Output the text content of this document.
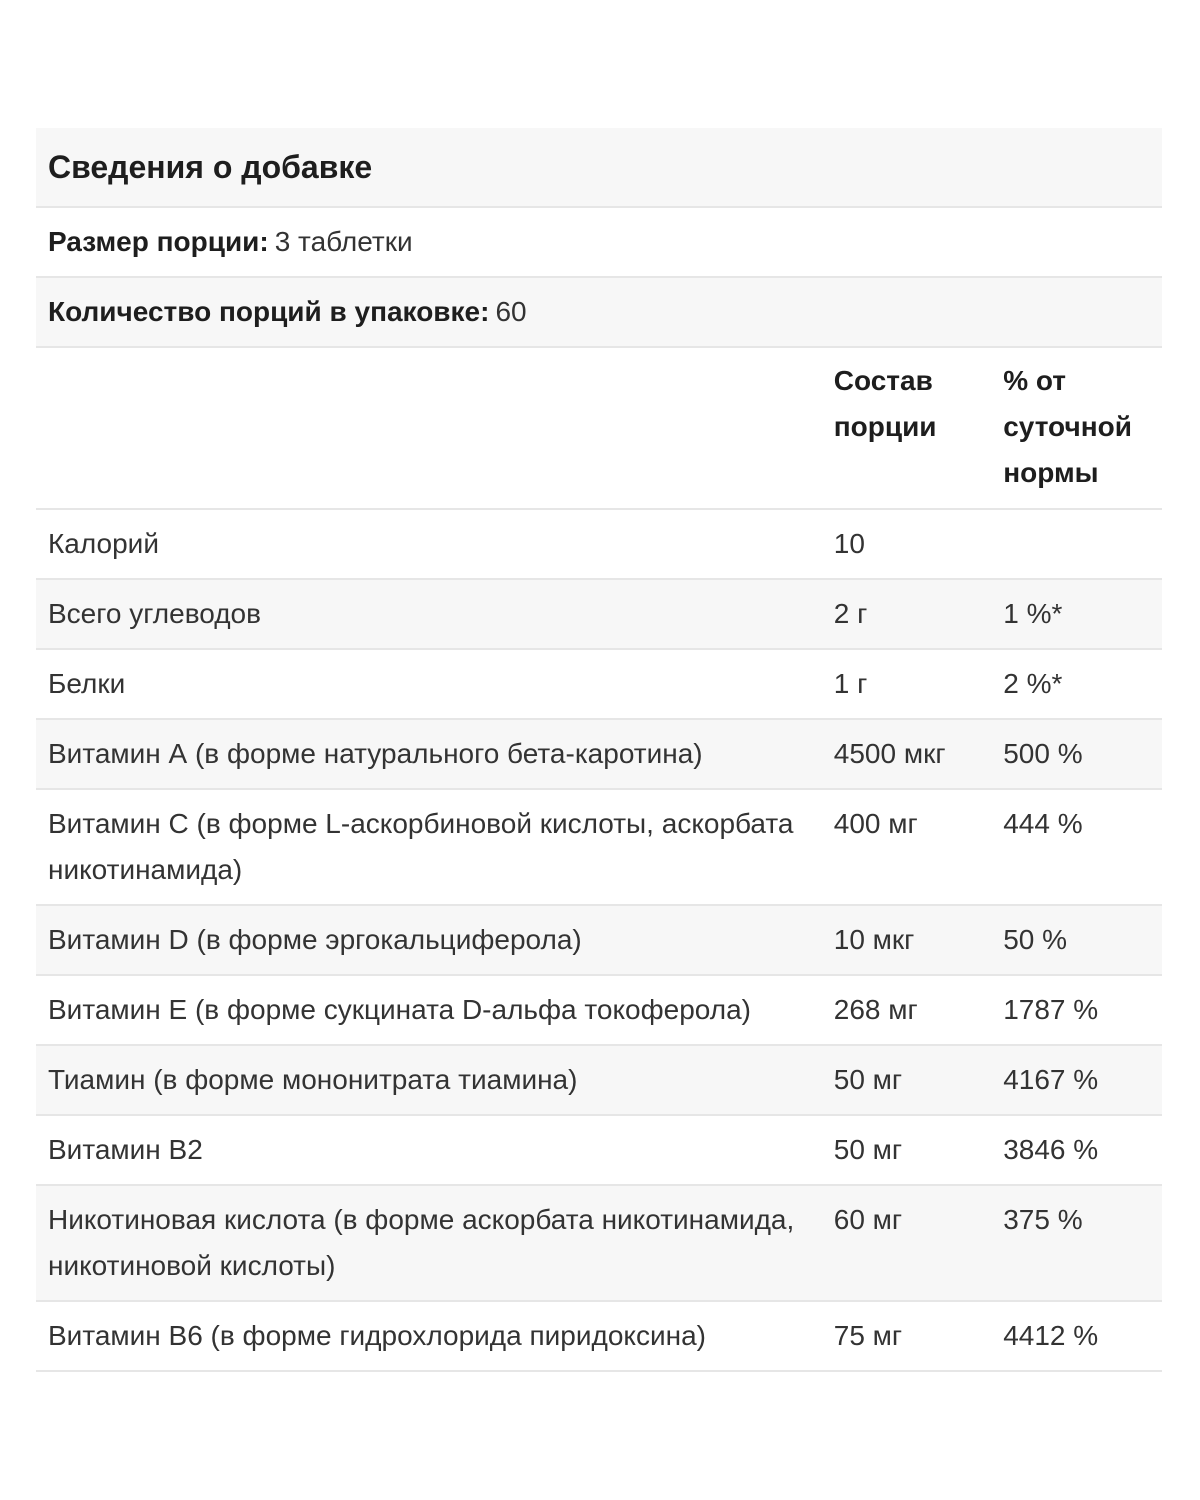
Сведения о добавке
Размер порции: 3 таблетки
Количество порций в упаковке: 60
	Состав порции	% от суточной нормы
Калорий	10	
Всего углеводов	2 г	1 %*
Белки	1 г	2 %*
Витамин А (в форме натурального бета-каротина)	4500 мкг	500 %
Витамин C (в форме L-аскорбиновой кислоты, аскорбата никотинамида)	400 мг	444 %
Витамин D (в форме эргокальциферола)	10 мкг	50 %
Витамин E (в форме сукцината D-альфа токоферола)	268 мг	1787 %
Тиамин (в форме мононитрата тиамина)	50 мг	4167 %
Витамин B2	50 мг	3846 %
Никотиновая кислота (в форме аскорбата никотинамида, никотиновой кислоты)	60 мг	375 %
Витамин B6 (в форме гидрохлорида пиридоксина)	75 мг	4412 %
